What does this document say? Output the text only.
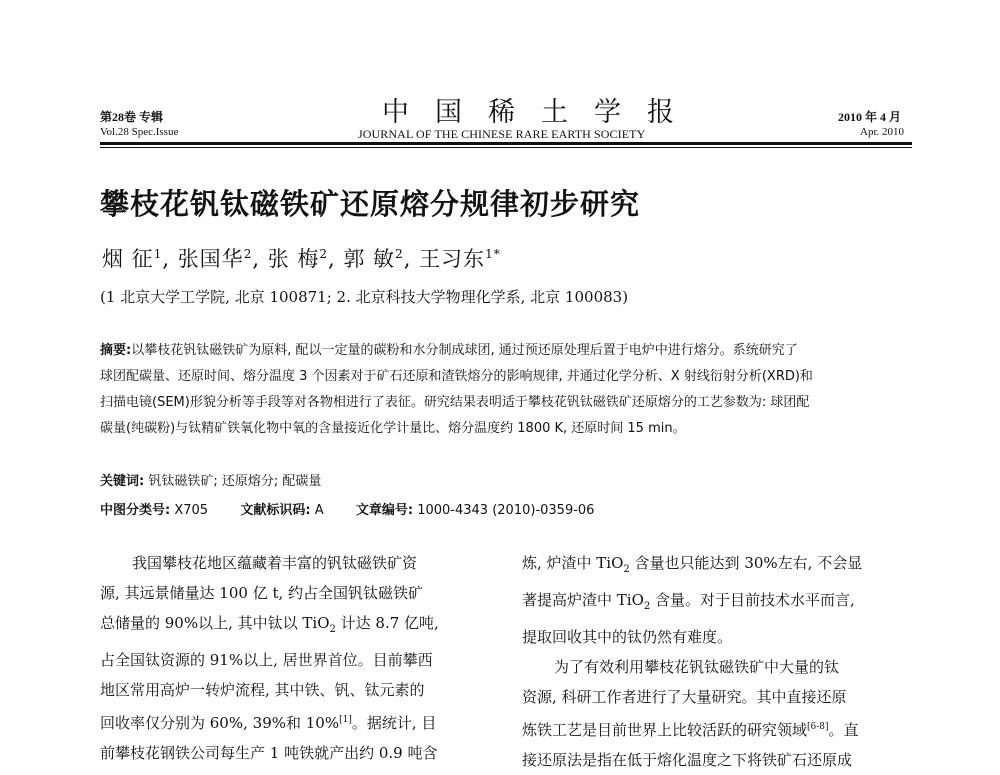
第28卷 专辑
Vol.28 Spec.Issue
中国稀土学报
JOURNAL OF THE CHINESE RARE EARTH SOCIETY
2010 年 4 月
Apr. 2010
攀枝花钒钛磁铁矿还原熔分规律初步研究
烟 征$^1$, 张国华$^2$, 张 梅$^2$, 郭 敏$^2$, 王习东$^{1*}$
(1 北京大学工学院, 北京 100871; 2. 北京科技大学物理化学系, 北京 100083)
摘要:以攀枝花钒钛磁铁矿为原料, 配以一定量的碳粉和水分制成球团, 通过预还原处理后置于电炉中进行熔分。系统研究了
球团配碳量、还原时间、熔分温度 3 个因素对于矿石还原和渣铁熔分的影响规律, 并通过化学分析、X 射线衍射分析(XRD)和
扫描电镜(SEM)形貌分析等手段等对各物相进行了表征。研究结果表明适于攀枝花钒钛磁铁矿还原熔分的工艺参数为: 球团配
碳量(纯碳粉)与钛精矿铁氧化物中氧的含量接近化学计量比、熔分温度约 1800 K, 还原时间 15 min。
关键词: 钒钛磁铁矿; 还原熔分; 配碳量
中图分类号: X705 文献标识码: A 文章编号: 1000-4343 (2010)-0359-06
我国攀枝花地区蕴藏着丰富的钒钛磁铁矿资
源, 其远景储量达 100 亿 t, 约占全国钒钛磁铁矿
总储量的 90%以上, 其中钛以 TiO$_2$ 计达 8.7 亿吨,
占全国钛资源的 91%以上, 居世界首位。目前攀西
地区常用高炉一转炉流程, 其中铁、钒、钛元素的
回收率仅分别为 60%, 39%和 10%[1]。据统计, 目
前攀枝花钢铁公司每生产 1 吨铁就产出约 0.9 吨含
炼, 炉渣中 TiO$_2$ 含量也只能达到 30%左右, 不会显
著提高炉渣中 TiO$_2$ 含量。对于目前技术水平而言,
提取回收其中的钛仍然有难度。
为了有效利用攀枝花钒钛磁铁矿中大量的钛
资源, 科研工作者进行了大量研究。其中直接还原
炼铁工艺是目前世界上比较活跃的研究领域[6-8]。直
接还原法是指在低于熔化温度之下将铁矿石还原成
